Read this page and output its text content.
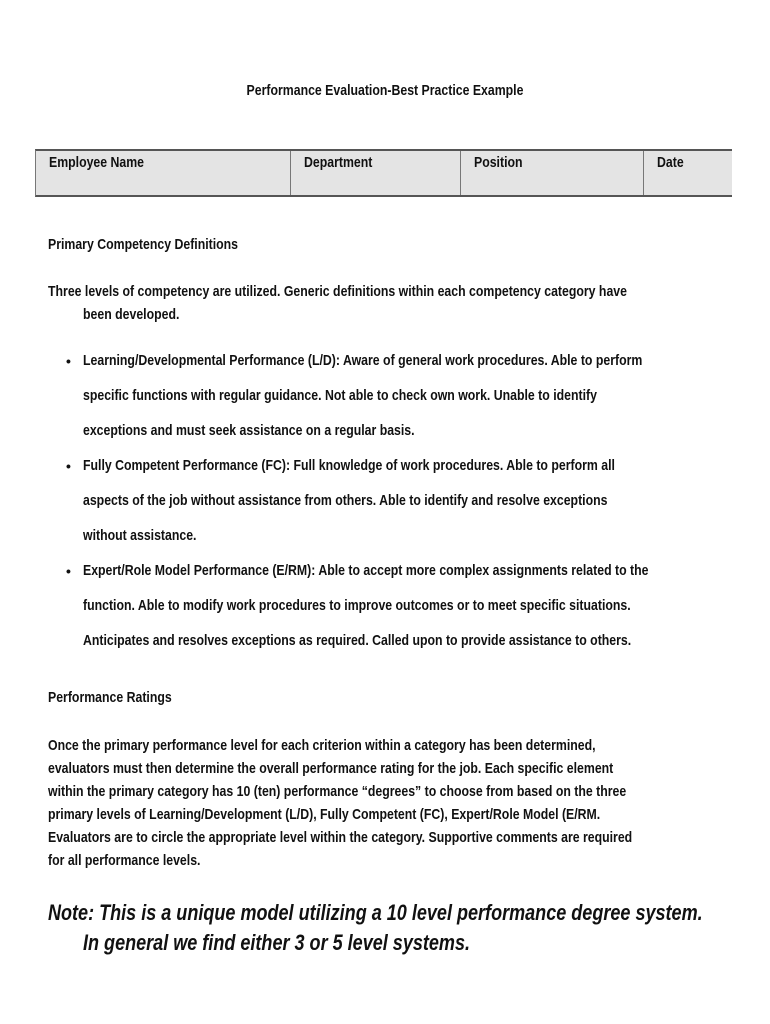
Performance Evaluation-Best Practice Example
Employee Name	Department	Position	Date
Primary Competency Definitions
Three levels of competency are utilized. Generic definitions within each competency category have
been developed.
• Learning/Developmental Performance (L/D): Aware of general work procedures. Able to perform
specific functions with regular guidance. Not able to check own work. Unable to identify
exceptions and must seek assistance on a regular basis.
• Fully Competent Performance (FC): Full knowledge of work procedures. Able to perform all
aspects of the job without assistance from others. Able to identify and resolve exceptions
without assistance.
• Expert/Role Model Performance (E/RM): Able to accept more complex assignments related to the
function. Able to modify work procedures to improve outcomes or to meet specific situations.
Anticipates and resolves exceptions as required. Called upon to provide assistance to others.
Performance Ratings
Once the primary performance level for each criterion within a category has been determined,
evaluators must then determine the overall performance rating for the job. Each specific element
within the primary category has 10 (ten) performance “degrees” to choose from based on the three
primary levels of Learning/Development (L/D), Fully Competent (FC), Expert/Role Model (E/RM.
Evaluators are to circle the appropriate level within the category. Supportive comments are required
for all performance levels.
Note: This is a unique model utilizing a 10 level performance degree system.
In general we find either 3 or 5 level systems.
